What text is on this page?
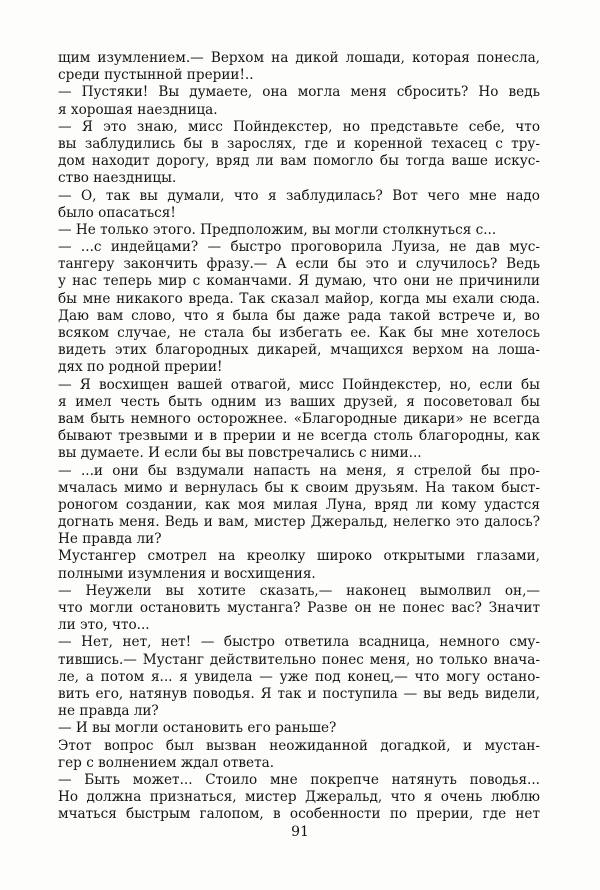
щим изумлением.— Верхом на дикой лошади, которая понесла,
среди пустынной прерии!..
— Пустяки! Вы думаете, она могла меня сбросить? Но ведь
я хорошая наездница.
— Я это знаю, мисс Пойндекстер, но представьте себе, что
вы заблудились бы в зарослях, где и коренной техасец с тру-
дом находит дорогу, вряд ли вам помогло бы тогда ваше искус-
ство наездницы.
— О, так вы думали, что я заблудилась? Вот чего мне надо
было опасаться!
— Не только этого. Предположим, вы могли столкнуться с...
— ...с индейцами? — быстро проговорила Луиза, не дав мус-
тангеру закончить фразу.— А если бы это и случилось? Ведь
у нас теперь мир с команчами. Я думаю, что они не причинили
бы мне никакого вреда. Так сказал майор, когда мы ехали сюда.
Даю вам слово, что я была бы даже рада такой встрече и, во
всяком случае, не стала бы избегать ее. Как бы мне хотелось
видеть этих благородных дикарей, мчащихся верхом на лоша-
дях по родной прерии!
— Я восхищен вашей отвагой, мисс Пойндекстер, но, если бы
я имел честь быть одним из ваших друзей, я посоветовал бы
вам быть немного осторожнее. «Благородные дикари» не всегда
бывают трезвыми и в прерии и не всегда столь благородны, как
вы думаете. И если бы вы повстречались с ними...
— ...и они бы вздумали напасть на меня, я стрелой бы про-
мчалась мимо и вернулась бы к своим друзьям. На таком быст-
роногом создании, как моя милая Луна, вряд ли кому удастся
догнать меня. Ведь и вам, мистер Джеральд, нелегко это далось?
Не правда ли?
Мустангер смотрел на креолку широко открытыми глазами,
полными изумления и восхищения.
— Неужели вы хотите сказать,— наконец вымолвил он,—
что могли остановить мустанга? Разве он не понес вас? Значит
ли это, что...
— Нет, нет, нет! — быстро ответила всадница, немного сму-
тившись.— Мустанг действительно понес меня, но только внача-
ле, а потом я... я увидела — уже под конец,— что могу остано-
вить его, натянув поводья. Я так и поступила — вы ведь видели,
не правда ли?
— И вы могли остановить его раньше?
Этот вопрос был вызван неожиданной догадкой, и мустан-
гер с волнением ждал ответа.
— Быть может... Стоило мне покрепче натянуть поводья...
Но должна признаться, мистер Джеральд, что я очень люблю
мчаться быстрым галопом, в особенности по прерии, где нет
91
